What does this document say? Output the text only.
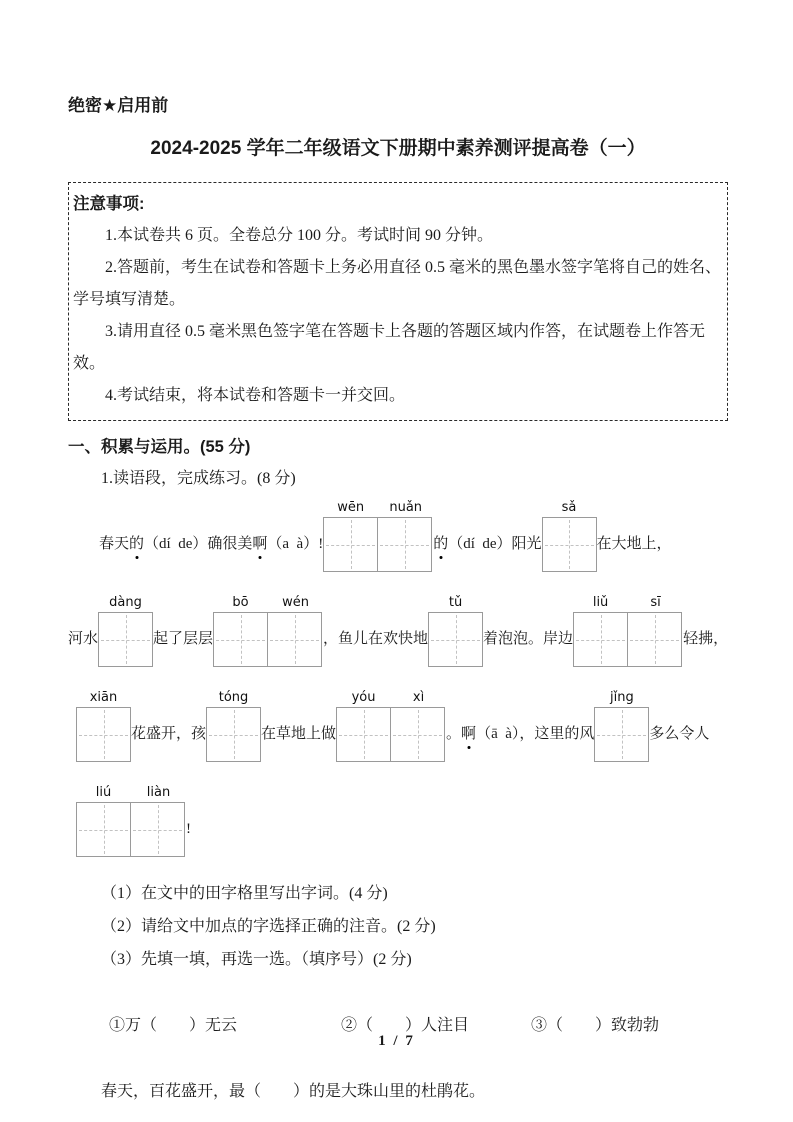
绝密★启用前
2024-2025 学年二年级语文下册期中素养测评提高卷（一）
注意事项:

1.本试卷共 6 页。全卷总分 100 分。考试时间 90 分钟。

2.答题前，考生在试卷和答题卡上务必用直径 0.5 毫米的黑色墨水签字笔将自己的姓名、学号填写清楚。

3.请用直径 0.5 毫米黑色签字笔在答题卡上各题的答题区域内作答，在试题卷上作答无效。

4.考试结束，将本试卷和答题卡一并交回。

一、积累与运用。(55 分)
1.读语段，完成练习。(8 分)
春天 的 （dí  de）确很美 啊 （a  à）!
wēn	nuǎn
的 （dí  de）阳光
sǎ
在大地上，
河水
dàng
起了层层
bō	wén
，鱼儿在欢快地
tǔ
着泡泡。岸边
liǔ	sī
轻拂，
xiān
花盛开，孩
tóng
在草地上做
yóu	xì
。 啊 （ā  à），这里的风
jǐng
多么令人
liú	liàn
!
（1）在文中的田字格里写出字词。(4 分)
（2）请给文中加点的字选择正确的注音。(2 分)
（3）先填一填，再选一选。（填序号）(2 分)

①万（　　）无云	②（　　）人注目	③（　　）致勃勃

春天，百花盛开，最（　　）的是大珠山里的杜鹃花。
1 / 7
